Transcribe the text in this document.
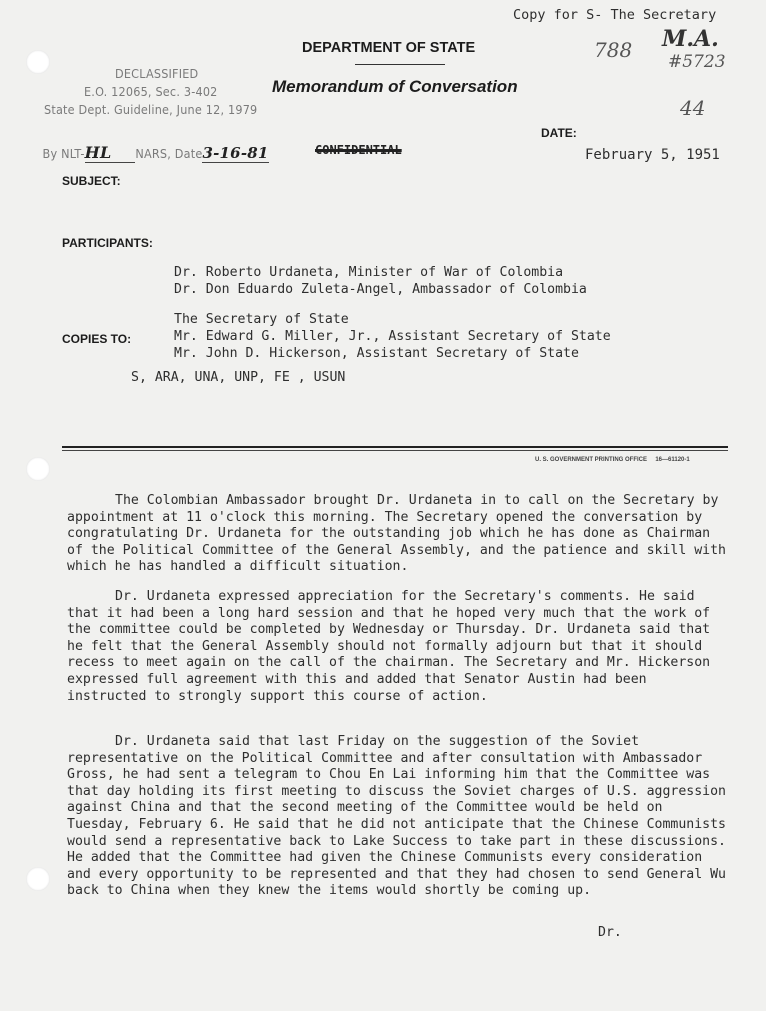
Copy for S- The Secretary
DEPARTMENT OF STATE
Memorandum of Conversation
788 M.A.
#5723
44
DECLASSIFIED
E.O. 12065, Sec. 3-402
State Dept. Guideline, June 12, 1979

By NLT-HL NARS, Date3-16-81

DATE:
CONFIDENTIAL	February 5, 1951
SUBJECT:
PARTICIPANTS:
Dr. Roberto Urdaneta, Minister of War of Colombia
Dr. Don Eduardo Zuleta-Angel, Ambassador of Colombia
The Secretary of State
Mr. Edward G. Miller, Jr., Assistant Secretary of State
Mr. John D. Hickerson, Assistant Secretary of State
COPIES TO:
S, ARA, UNA, UNP, FE , USUN
U. S. GOVERNMENT PRINTING OFFICE     16—61120-1
The Colombian Ambassador brought Dr. Urdaneta in to call on the Secretary by appointment at 11 o'clock this morning. The Secretary opened the conversation by congratulating Dr. Urdaneta for the outstanding job which he has done as Chairman of the Political Committee of the General Assembly, and the patience and skill with which he has handled a difficult situation.
Dr. Urdaneta expressed appreciation for the Secretary's comments. He said that it had been a long hard session and that he hoped very much that the work of the committee could be completed by Wednesday or Thursday. Dr. Urdaneta said that he felt that the General Assembly should not formally adjourn but that it should recess to meet again on the call of the chairman. The Secretary and Mr. Hickerson expressed full agreement with this and added that Senator Austin had been instructed to strongly support this course of action.
Dr. Urdaneta said that last Friday on the suggestion of the Soviet representative on the Political Committee and after consultation with Ambassador Gross, he had sent a telegram to Chou En Lai informing him that the Committee was that day holding its first meeting to discuss the Soviet charges of U.S. aggression against China and that the second meeting of the Committee would be held on Tuesday, February 6. He said that he did not anticipate that the Chinese Communists would send a representative back to Lake Success to take part in these discussions. He added that the Committee had given the Chinese Communists every consideration and every opportunity to be represented and that they had chosen to send General Wu back to China when they knew the items would shortly be coming up.
Dr.
